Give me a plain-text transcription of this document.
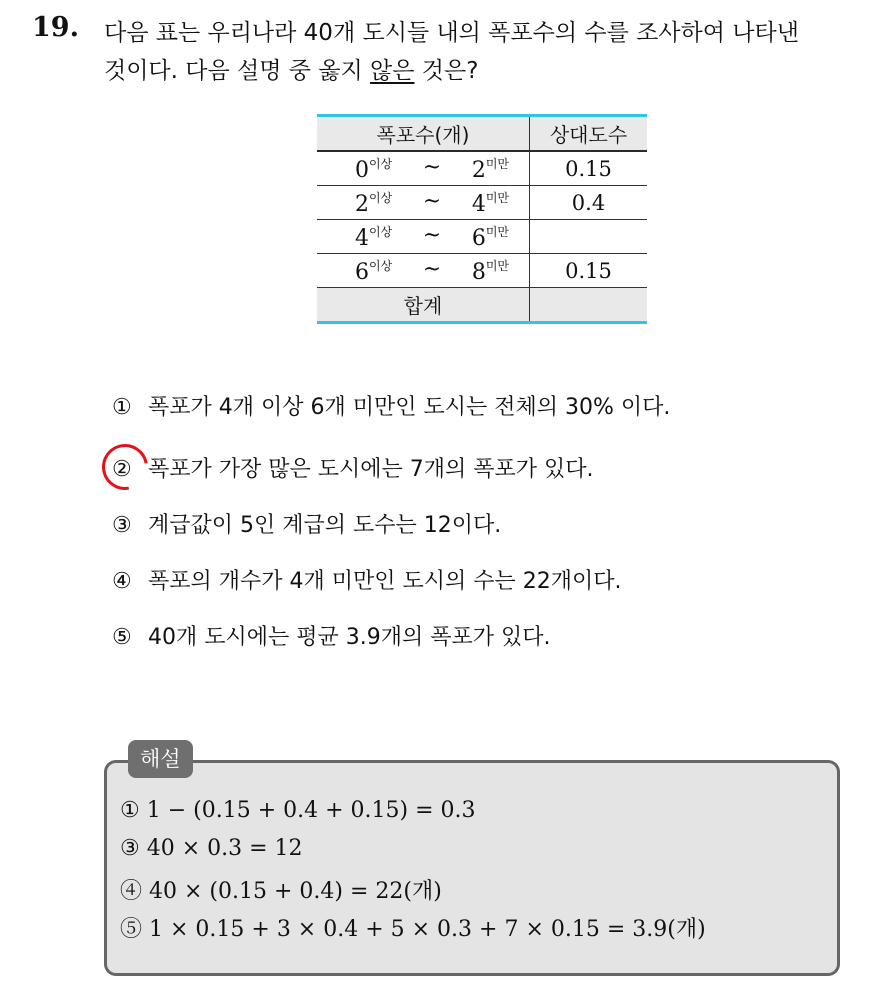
19. 다음 표는 우리나라 40개 도시들 내의 폭포수의 수를 조사하여 나타낸
것이다. 다음 설명 중 옳지 않은 것은?
폭포수(개)	상대도수

$0^{이상}$ ~ $2^{미만}$	0.15

$2^{이상}$ ~ $4^{미만}$	0.4

$4^{이상}$ ~ $6^{미만}$

$6^{이상}$ ~ $8^{미만}$	0.15
합계	
① 폭포가 4개 이상 6개 미만인 도시는 전체의 30% 이다.
② 폭포가 가장 많은 도시에는 7개의 폭포가 있다.
③ 계급값이 5인 계급의 도수는 12이다.
④ 폭포의 개수가 4개 미만인 도시의 수는 22개이다.
⑤ 40개 도시에는 평균 3.9개의 폭포가 있다.
해설
① 1 − (0.15 + 0.4 + 0.15) = 0.3
③ 40 × 0.3 = 12
④ 40 × (0.15 + 0.4) = 22(개)
⑤ 1 × 0.15 + 3 × 0.4 + 5 × 0.3 + 7 × 0.15 = 3.9(개)
